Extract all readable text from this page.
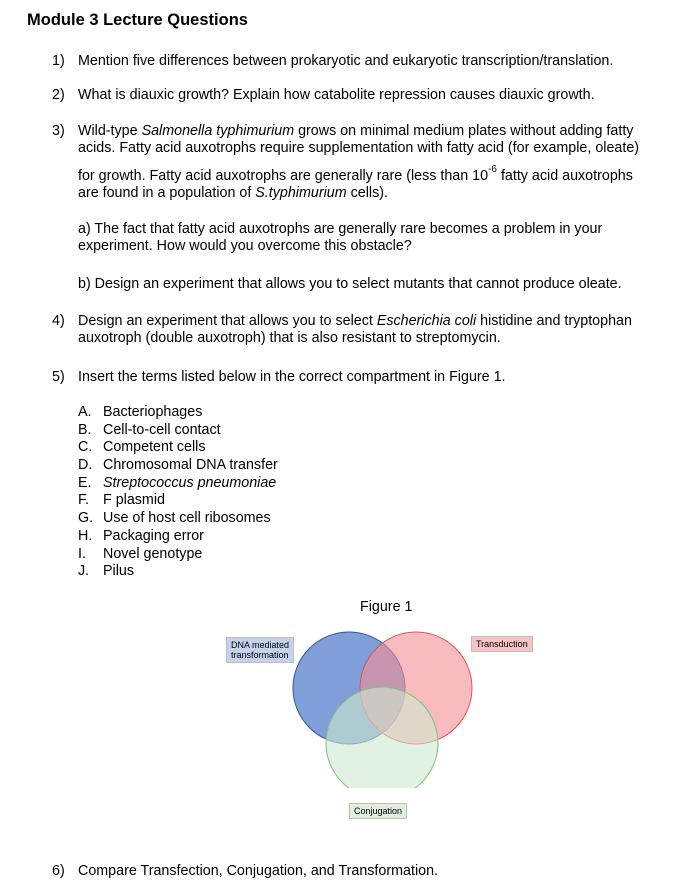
Module 3 Lecture Questions
1) Mention five differences between prokaryotic and eukaryotic transcription/translation.
2) What is diauxic growth? Explain how catabolite repression causes diauxic growth.
3) Wild-type Salmonella typhimurium grows on minimal medium plates without adding fatty
acids. Fatty acid auxotrophs require supplementation with fatty acid (for example, oleate)
for growth. Fatty acid auxotrophs are generally rare (less than $10^{-6}$ fatty acid auxotrophs
are found in a population of S.typhimurium cells).
a) The fact that fatty acid auxotrophs are generally rare becomes a problem in your
experiment. How would you overcome this obstacle?
b) Design an experiment that allows you to select mutants that cannot produce oleate.
4) Design an experiment that allows you to select Escherichia coli histidine and tryptophan
auxotroph (double auxotroph) that is also resistant to streptomycin.
5) Insert the terms listed below in the correct compartment in Figure 1.
A. Bacteriophages
B. Cell-to-cell contact
C. Competent cells
D. Chromosomal DNA transfer
E. Streptococcus pneumoniae
F. F plasmid
G. Use of host cell ribosomes
H. Packaging error
I. Novel genotype
J. Pilus
Figure 1
DNA mediated
transformation
Transduction
Conjugation
6) Compare Transfection, Conjugation, and Transformation.
